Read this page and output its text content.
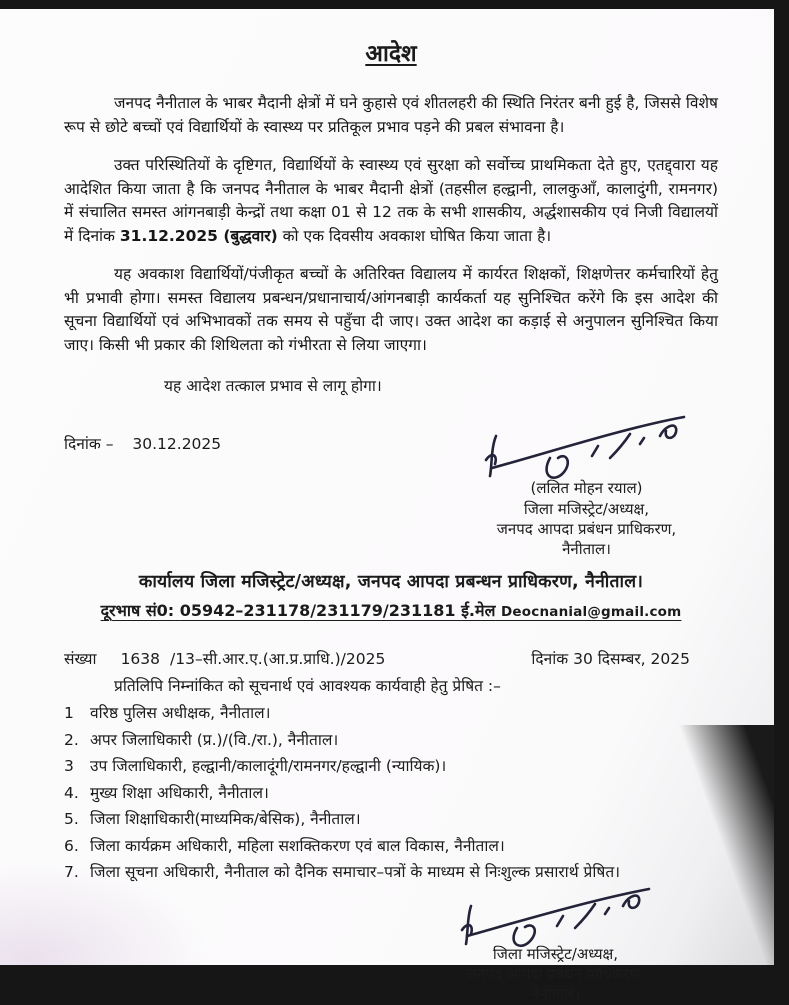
आदेश

जनपद नैनीताल के भाबर मैदानी क्षेत्रों में घने कुहासे एवं शीतलहरी की स्थिति निरंतर बनी हुई है, जिससे विशेष रूप से छोटे बच्चों एवं विद्यार्थियों के स्वास्थ्य पर प्रतिकूल प्रभाव पड़ने की प्रबल संभावना है।

उक्त परिस्थितियों के दृष्टिगत, विद्यार्थियों के स्वास्थ्य एवं सुरक्षा को सर्वोच्च प्राथमिकता देते हुए, एतद्द्वारा यह आदेशित किया जाता है कि जनपद नैनीताल के भाबर मैदानी क्षेत्रों (तहसील हल्द्वानी, लालकुआँ, कालादुंगी, रामनगर) में संचालित समस्त आंगनबाड़ी केन्द्रों तथा कक्षा 01 से 12 तक के सभी शासकीय, अर्द्धशासकीय एवं निजी विद्यालयों में दिनांक 31.12.2025 (बुद्धवार) को एक दिवसीय अवकाश घोषित किया जाता है।

यह अवकाश विद्यार्थियों/पंजीकृत बच्चों के अतिरिक्त विद्यालय में कार्यरत शिक्षकों, शिक्षणेत्तर कर्मचारियों हेतु भी प्रभावी होगा। समस्त विद्यालय प्रबन्धन/प्रधानाचार्य/आंगनबाड़ी कार्यकर्ता यह सुनिश्चित करेंगे कि इस आदेश की सूचना विद्यार्थियों एवं अभिभावकों तक समय से पहुँचा दी जाए। उक्त आदेश का कड़ाई से अनुपालन सुनिश्चित किया जाए। किसी भी प्रकार की शिथिलता को गंभीरता से लिया जाएगा।

यह आदेश तत्काल प्रभाव से लागू होगा।
दिनांक – 30.12.2025
(ललित मोहन रयाल)
जिला मजिस्ट्रेट/अध्यक्ष,
जनपद आपदा प्रबंधन प्राधिकरण,
नैनीताल।
कार्यालय जिला मजिस्ट्रेट/अध्यक्ष, जनपद आपदा प्रबन्धन प्राधिकरण, नैनीताल।
दूरभाष सं0: 05942–231178/231179/231181 ई.मेल Deocnanial@gmail.com
संख्या 1638 /13–सी.आर.ए.(आ.प्र.प्राधि.)/2025	दिनांक 30 दिसम्बर, 2025
प्रतिलिपि निम्नांकित को सूचनार्थ एवं आवश्यक कार्यवाही हेतु प्रेषित :–
1	वरिष्ठ पुलिस अधीक्षक, नैनीताल।
2. अपर जिलाधिकारी (प्र.)/(वि./रा.), नैनीताल।
3	उप जिलाधिकारी, हल्द्वानी/कालादूंगी/रामनगर/हल्द्वानी (न्यायिक)।
4. मुख्य शिक्षा अधिकारी, नैनीताल।
5. जिला शिक्षाधिकारी(माध्यमिक/बेसिक), नैनीताल।
6. जिला कार्यक्रम अधिकारी, महिला सशक्तिकरण एवं बाल विकास, नैनीताल।
7. जिला सूचना अधिकारी, नैनीताल को दैनिक समाचार–पत्रों के माध्यम से निःशुल्क प्रसारार्थ प्रेषित।
जिला मजिस्ट्रेट/अध्यक्ष,
जनपद आपदा प्रबंधन प्राधिकरण,
नैनीताल।
